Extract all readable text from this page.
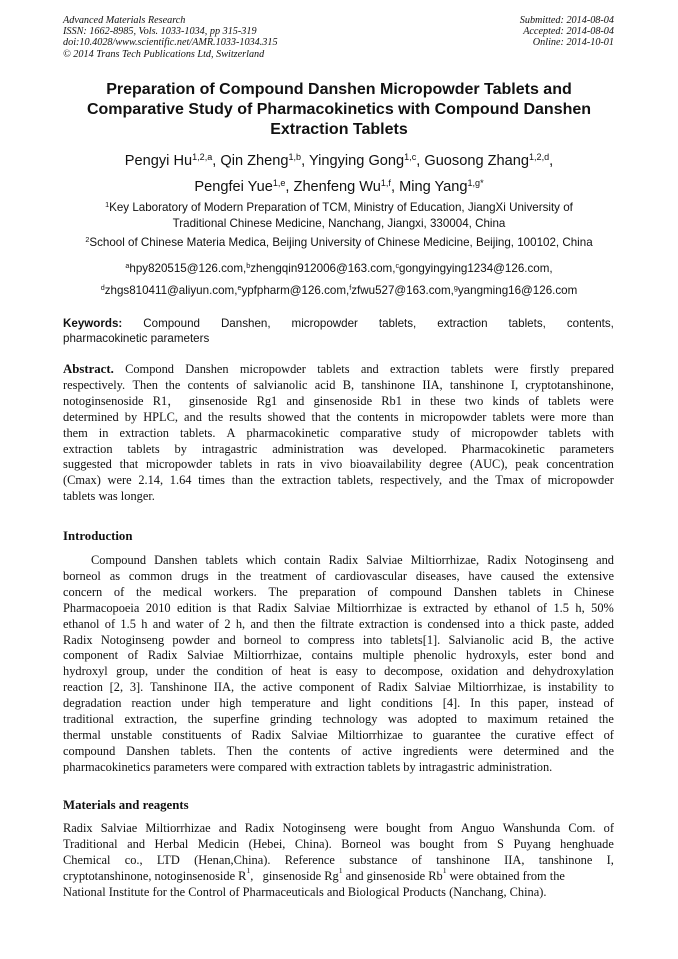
Advanced Materials Research
ISSN: 1662-8985, Vols. 1033-1034, pp 315-319
doi:10.4028/www.scientific.net/AMR.1033-1034.315
© 2014 Trans Tech Publications Ltd, Switzerland
Submitted: 2014-08-04
Accepted: 2014-08-04
Online: 2014-10-01
Preparation of Compound Danshen Micropowder Tablets and
Comparative Study of Pharmacokinetics with Compound Danshen
Extraction Tablets
Pengyi Hu$^{1,2,a}$, Qin Zheng$^{1,b}$, Yingying Gong$^{1,c}$, Guosong Zhang$^{1,2,d}$,
Pengfei Yue$^{1,e}$, Zhenfeng Wu$^{1,f}$, Ming Yang$^{1,g*}$
$^1$Key Laboratory of Modern Preparation of TCM, Ministry of Education, JiangXi University of
Traditional Chinese Medicine, Nanchang, Jiangxi, 330004, China
$^2$School of Chinese Materia Medica, Beijing University of Chinese Medicine, Beijing, 100102, China
$^a$hpy820515@126.com,$^b$zhengqin912006@163.com,$^c$gongyingying1234@126.com,
$^d$zhgs810411@aliyun.com,$^e$ypfpharm@126.com,$^f$zfwu527@163.com,$^g$yangming16@126.com
Keywords: Compound Danshen, micropowder tablets, extraction tablets, contents,
pharmacokinetic parameters
Abstract. Compond Danshen micropowder tablets and extraction tablets were firstly prepared
respectively. Then the contents of salvianolic acid B, tanshinone IIA, tanshinone I, cryptotanshinone,
notoginsenoside R1， ginsenoside Rg1 and ginsenoside Rb1 in these two kinds of tablets were
determined by HPLC, and the results showed that the contents in micropowder tablets were more than
them in extraction tablets. A pharmacokinetic comparative study of micropowder tablets with
extraction tablets by intragastric administration was developed. Pharmacokinetic parameters
suggested that micropowder tablets in rats in vivo bioavailability degree (AUC), peak concentration
(Cmax) were 2.14, 1.64 times than the extraction tablets, respectively, and the Tmax of micropowder
tablets was longer.
Introduction
Compound Danshen tablets which contain Radix Salviae Miltiorrhizae, Radix Notoginseng and
borneol as common drugs in the treatment of cardiovascular diseases, have caused the extensive
concern of the medical workers. The preparation of compound Danshen tablets in Chinese
Pharmacopoeia 2010 edition is that Radix Salviae Miltiorrhizae is extracted by ethanol of 1.5 h, 50%
ethanol of 1.5 h and water of 2 h, and then the filtrate extraction is condensed into a thick paste, added
Radix Notoginseng powder and borneol to compress into tablets[1]. Salvianolic acid B, the active
component of Radix Salviae Miltiorrhizae, contains multiple phenolic hydroxyls, ester bond and
hydroxyl group, under the condition of heat is easy to decompose, oxidation and dehydroxylation
reaction [2, 3]. Tanshinone IIA, the active component of Radix Salviae Miltiorrhizae, is instability to
degradation reaction under high temperature and light conditions [4]. In this paper, instead of
traditional extraction, the superfine grinding technology was adopted to maximum retained the
thermal unstable constituents of Radix Salviae Miltiorrhizae to guarantee the curative effect of
compound Danshen tablets. Then the contents of active ingredients were determined and the
pharmacokinetics parameters were compared with extraction tablets by intragastric administration.
Materials and reagents
Radix Salviae Miltiorrhizae and Radix Notoginseng were bought from Anguo Wanshunda Com. of
Traditional and Herbal Medicin (Hebei, China). Borneol was bought from S Puyang henghuade
Chemical co., LTD (Henan,China). Reference substance of tanshinone IIA, tanshinone I,
cryptotanshinone, notoginsenoside $R_1$ ,   ginsenoside $Rg_1$ and ginsenoside $Rb_1$ were obtained from the
National Institute for the Control of Pharmaceuticals and Biological Products (Nanchang, China).
